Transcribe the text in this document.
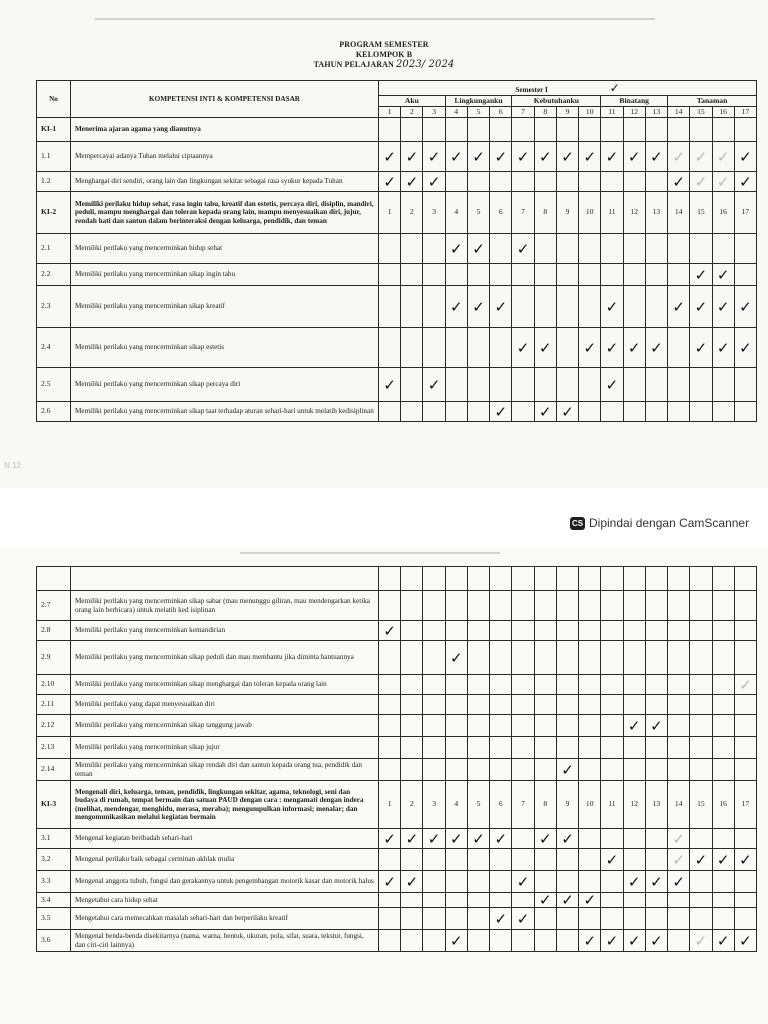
PROGRAM SEMESTER
KELOMPOK B
TAHUN PELAJARAN 2023/ 2024
No	KOMPETENSI INTI & KOMPETENSI DASAR	Semester I ✓																
		Aku			Lingkunganku			Kebutuhanku				Binatang			Tanaman			
		1	2	3	4	5	6	7	8	9	10	11	12	13	14	15	16	17
KI-1	Menerima ajaran agama yang dianutnya																	
1.1	Mempercayai adanya Tuhan melalui ciptaannya	✓	✓	✓	✓	✓	✓	✓	✓	✓	✓	✓	✓	✓	✓	✓	✓	✓
1.2	Menghargai diri sendiri, orang lain dan lingkungan sekitar sebagai rasa syukur kepada Tuhan	✓	✓	✓											✓	✓	✓	✓
KI-2	Memiliki perilaku hidup sehat, rasa ingin tahu, kreatif dan estetis, percaya diri, disiplin, mandiri, peduli, mampu menghargai dan toleran kepada orang lain, mampu menyesuaikan diri, jujur, rendah hati dan santun dalam berinteraksi dengan keluarga, pendidik, dan teman	1	2	3	4	5	6	7	8	9	10	11	12	13	14	15	16	17
2.1	Memiliki perilaku yang mencerminkan hidup sehat				✓	✓		✓										
2.2	Memiliki perilaku yang mencerminkan sikap ingin tahu															✓	✓	
2.3	Memiliki perilaku yang mencerminkan sikap kreatif				✓	✓	✓					✓			✓	✓	✓	✓
2.4	Memiliki perilaku yang mencerminkan sikap estetis							✓	✓		✓	✓	✓	✓		✓	✓	✓
2.5	Memiliki perilaku yang mencerminkan sikap percaya diri	✓		✓								✓						
2.6	Memiliki perilaku yang mencerminkan sikap taat terhadap aturan sehari-hari untuk melatih kedisiplinan						✓		✓	✓								
N 12
CS Dipindai dengan CamScanner

2.7	Memiliki perilaku yang mencerminkan sikap sabar (mau menunggu giliran, mau mendengarkan ketika orang lain berbicara) untuk melatih ked isiplinan																	
2.8	Memiliki perilaku yang mencerminkan kemandirian	✓																
2.9	Memiliki perilaku yang mencerminkan sikap peduli dan mau membantu jika diminta bantuannya				✓													
2.10	Memiliki perilaku yang mencerminkan sikap menghargai dan toleran kepada orang lain																	✓
2.11	Memiliki perilaku yang dapat menyesuaikan diri																	
2.12	Memiliki perilaku yang mencerminkan sikap tanggung jawab												✓	✓				
2.13	Memiliki perilaku yang mencerminkan sikap jujur																	
2.14	Memiliki perilaku yang mencerminkan sikap rendah diri dan santun kepada orang tua, pendidik dan teman									✓								
KI-3	Mengenali diri, keluarga, teman, pendidik, lingkungan sekitar, agama, teknologi, seni dan budaya di rumah, tempat bermain dan satuan PAUD dengan cara : mengamati dengan indera (melihat, mendengar, menghidu, merasa, meraba); mengumpulkan informasi; menalar; dan mengomunikasikan melalui kegiatan bermain	1	2	3	4	5	6	7	8	9	10	11	12	13	14	15	16	17
3.1	Mengenal kegiatan beribadah sehari-hari	✓	✓	✓	✓	✓	✓		✓	✓					✓			
3.2	Mengenal perilaku baik sebagai cerminan akhlak mulia											✓			✓	✓	✓	✓
3.3	Mengenal anggota tubuh, fungsi dan gerakannya untuk pengembangan motorik kasar dan motorik halus	✓	✓					✓					✓	✓	✓			
3.4	Mengetahui cara hidup sehat								✓	✓	✓							
3.5	Mengetahui cara memecahkan masalah sehari-hari dan berperilaku kreatif						✓	✓										
3.6	Mengenal benda-benda disekitarnya (nama, warna, bentuk, ukuran, pola, sifat, suara, tekstur, fungsi, dan ciri-ciri lainnya)				✓						✓	✓	✓	✓		✓	✓	✓
